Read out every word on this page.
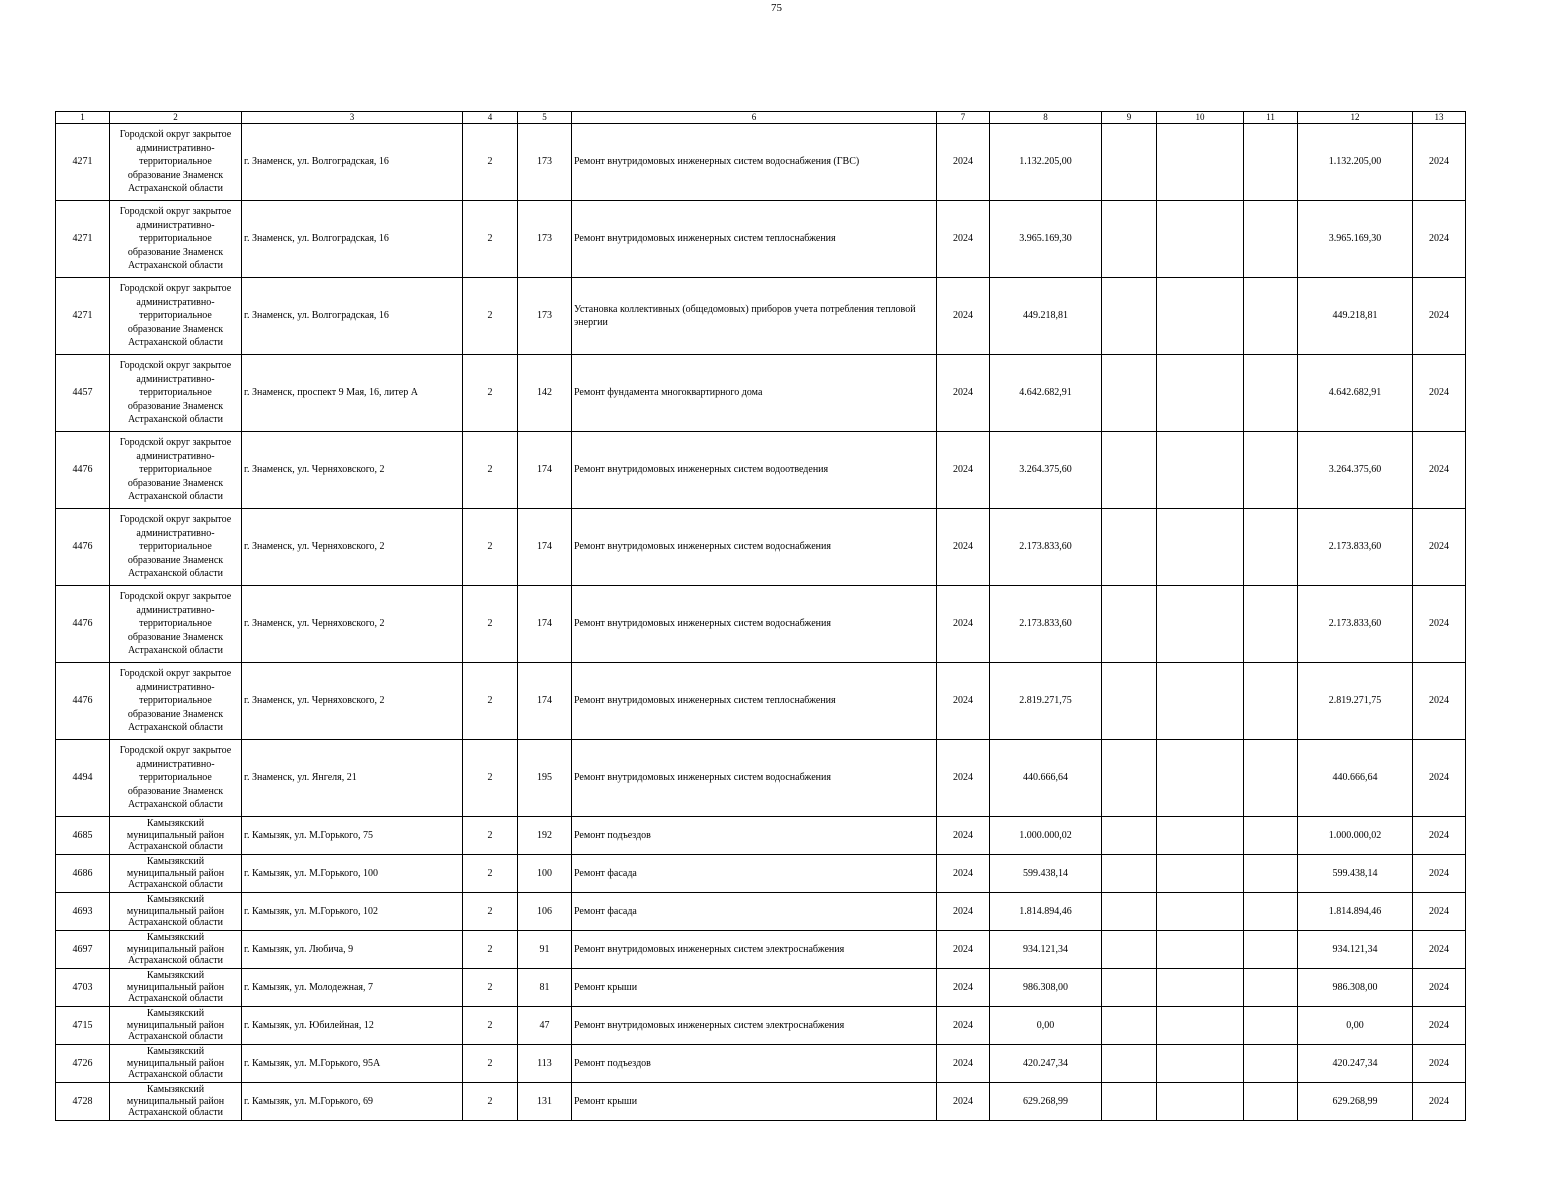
75
1	2	3	4	5	6	7	8	9	10	11	12	13
4271	Городской округ закрытое административно-территориальное образование Знаменск Астраханской области	г. Знаменск, ул. Волгоградская, 16	2	173	Ремонт внутридомовых инженерных систем водоснабжения (ГВС)	2024	1.132.205,00				1.132.205,00	2024
4271	Городской округ закрытое административно-территориальное образование Знаменск Астраханской области	г. Знаменск, ул. Волгоградская, 16	2	173	Ремонт внутридомовых инженерных систем теплоснабжения	2024	3.965.169,30				3.965.169,30	2024
4271	Городской округ закрытое административно-территориальное образование Знаменск Астраханской области	г. Знаменск, ул. Волгоградская, 16	2	173	Установка коллективных (общедомовых) приборов учета потребления тепловой энергии	2024	449.218,81				449.218,81	2024
4457	Городской округ закрытое административно-территориальное образование Знаменск Астраханской области	г. Знаменск, проспект 9 Мая, 16, литер А	2	142	Ремонт фундамента многоквартирного дома	2024	4.642.682,91				4.642.682,91	2024
4476	Городской округ закрытое административно-территориальное образование Знаменск Астраханской области	г. Знаменск, ул. Черняховского, 2	2	174	Ремонт внутридомовых инженерных систем водоотведения	2024	3.264.375,60				3.264.375,60	2024
4476	Городской округ закрытое административно-территориальное образование Знаменск Астраханской области	г. Знаменск, ул. Черняховского, 2	2	174	Ремонт внутридомовых инженерных систем водоснабжения	2024	2.173.833,60				2.173.833,60	2024
4476	Городской округ закрытое административно-территориальное образование Знаменск Астраханской области	г. Знаменск, ул. Черняховского, 2	2	174	Ремонт внутридомовых инженерных систем водоснабжения	2024	2.173.833,60				2.173.833,60	2024
4476	Городской округ закрытое административно-территориальное образование Знаменск Астраханской области	г. Знаменск, ул. Черняховского, 2	2	174	Ремонт внутридомовых инженерных систем теплоснабжения	2024	2.819.271,75				2.819.271,75	2024
4494	Городской округ закрытое административно-территориальное образование Знаменск Астраханской области	г. Знаменск, ул. Янгеля, 21	2	195	Ремонт внутридомовых инженерных систем водоснабжения	2024	440.666,64				440.666,64	2024
4685	Камызякский муниципальный район Астраханской области	г. Камызяк, ул. М.Горького, 75	2	192	Ремонт подъездов	2024	1.000.000,02				1.000.000,02	2024
4686	Камызякский муниципальный район Астраханской области	г. Камызяк, ул. М.Горького, 100	2	100	Ремонт фасада	2024	599.438,14				599.438,14	2024
4693	Камызякский муниципальный район Астраханской области	г. Камызяк, ул. М.Горького, 102	2	106	Ремонт фасада	2024	1.814.894,46				1.814.894,46	2024
4697	Камызякский муниципальный район Астраханской области	г. Камызяк, ул. Любича, 9	2	91	Ремонт внутридомовых инженерных систем электроснабжения	2024	934.121,34				934.121,34	2024
4703	Камызякский муниципальный район Астраханской области	г. Камызяк, ул. Молодежная, 7	2	81	Ремонт крыши	2024	986.308,00				986.308,00	2024
4715	Камызякский муниципальный район Астраханской области	г. Камызяк, ул. Юбилейная, 12	2	47	Ремонт внутридомовых инженерных систем электроснабжения	2024	0,00				0,00	2024
4726	Камызякский муниципальный район Астраханской области	г. Камызяк, ул. М.Горького, 95А	2	113	Ремонт подъездов	2024	420.247,34				420.247,34	2024
4728	Камызякский муниципальный район Астраханской области	г. Камызяк, ул. М.Горького, 69	2	131	Ремонт крыши	2024	629.268,99				629.268,99	2024
